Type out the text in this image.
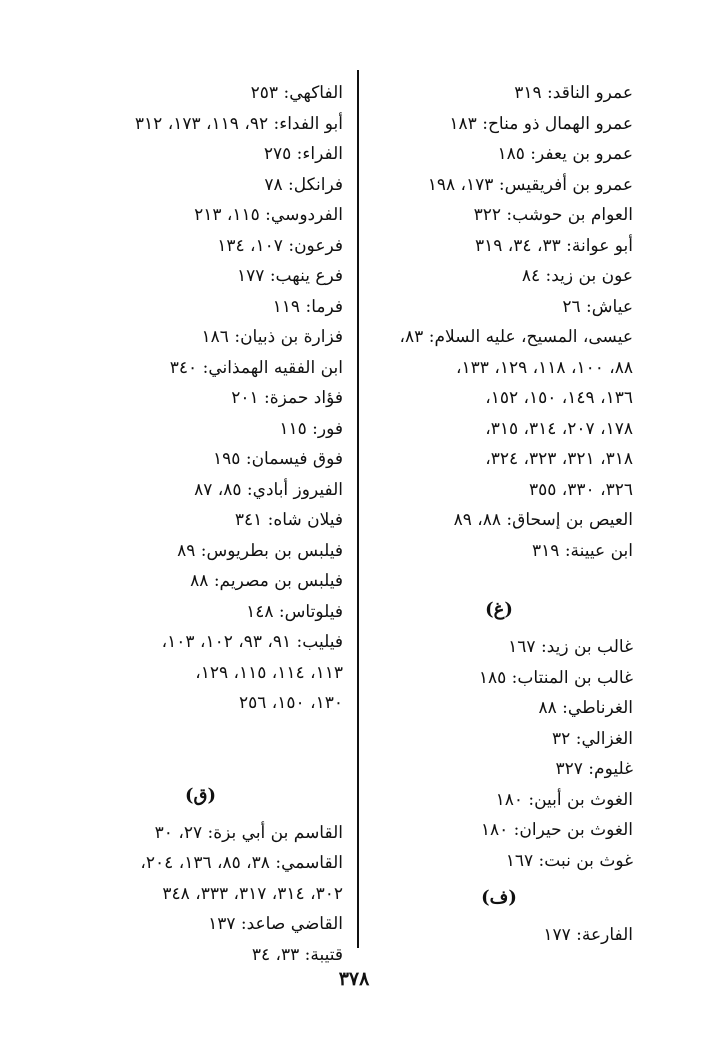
عمرو الناقد: ٣١٩
عمرو الهمال ذو مناح: ١٨٣
عمرو بن يعفر: ١٨٥
عمرو بن أفريقيس: ١٧٣، ١٩٨
العوام بن حوشب: ٣٢٢
أبو عوانة: ٣٣، ٣٤، ٣١٩
عون بن زيد: ٨٤
عياش: ٢٦
عيسى، المسيح، عليه السلام: ٨٣،
٨٨، ١٠٠، ١١٨، ١٢٩، ١٣٣،
١٣٦، ١٤٩، ١٥٠، ١٥٢،
١٧٨، ٢٠٧، ٣١٤، ٣١٥،
٣١٨، ٣٢١، ٣٢٣، ٣٢٤،
٣٢٦، ٣٣٠، ٣٥٥
العيص بن إسحاق: ٨٨، ٨٩
ابن عيينة: ٣١٩
(غ)
غالب بن زيد: ١٦٧
غالب بن المنتاب: ١٨٥
الغرناطي: ٨٨
الغزالي: ٣٢
غليوم: ٣٢٧
الغوث بن أبين: ١٨٠
الغوث بن حيران: ١٨٠
غوث بن نبت: ١٦٧
(ف)
الفارعة: ١٧٧
الفاكهي: ٢٥٣
أبو الفداء: ٩٢، ١١٩، ١٧٣، ٣١٢
الفراء: ٢٧٥
فرانكل: ٧٨
الفردوسي: ١١٥، ٢١٣
فرعون: ١٠٧، ١٣٤
فرع ينهب: ١٧٧
فرما: ١١٩
فزارة بن ذبيان: ١٨٦
ابن الفقيه الهمذاني: ٣٤٠
فؤاد حمزة: ٢٠١
فور: ١١٥
فوق فيسمان: ١٩٥
الفيروز أبادي: ٨٥، ٨٧
فيلان شاه: ٣٤١
فيلبس بن بطريوس: ٨٩
فيلبس بن مصريم: ٨٨
فيلوتاس: ١٤٨
فيليب: ٩١، ٩٣، ١٠٢، ١٠٣،
١١٣، ١١٤، ١١٥، ١٢٩،
١٣٠، ١٥٠، ٢٥٦
(ق)
القاسم بن أبي بزة: ٢٧، ٣٠
القاسمي: ٣٨، ٨٥، ١٣٦، ٢٠٤،
٣٠٢، ٣١٤، ٣١٧، ٣٣٣، ٣٤٨
القاضي صاعد: ١٣٧
قتيبة: ٣٣، ٣٤
٣٧٨
